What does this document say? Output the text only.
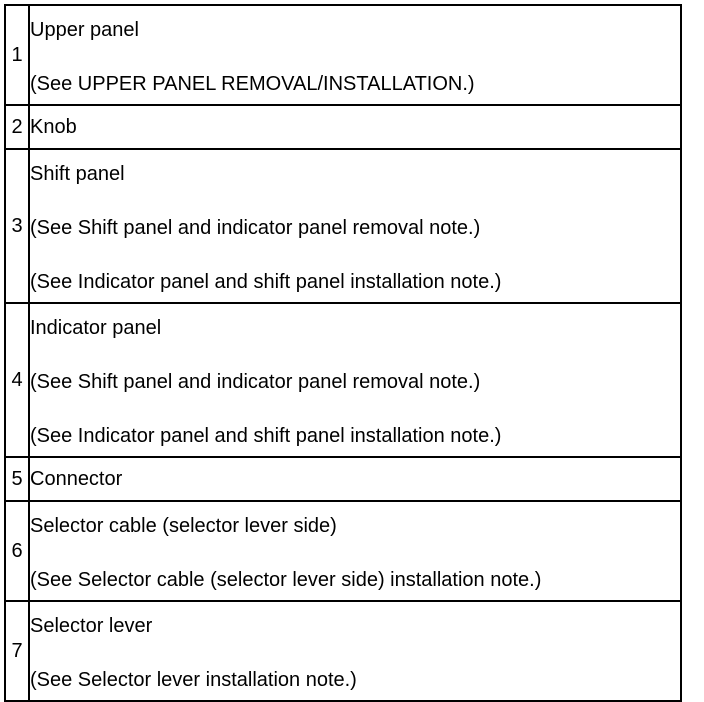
1	Upper panel
(See UPPER PANEL REMOVAL/INSTALLATION.)

2	Knob

3	Shift panel
(See Shift panel and indicator panel removal note.)
(See Indicator panel and shift panel installation note.)

4	Indicator panel
(See Shift panel and indicator panel removal note.)
(See Indicator panel and shift panel installation note.)

5	Connector

6	Selector cable (selector lever side)
(See Selector cable (selector lever side) installation note.)

7	Selector lever
(See Selector lever installation note.)
